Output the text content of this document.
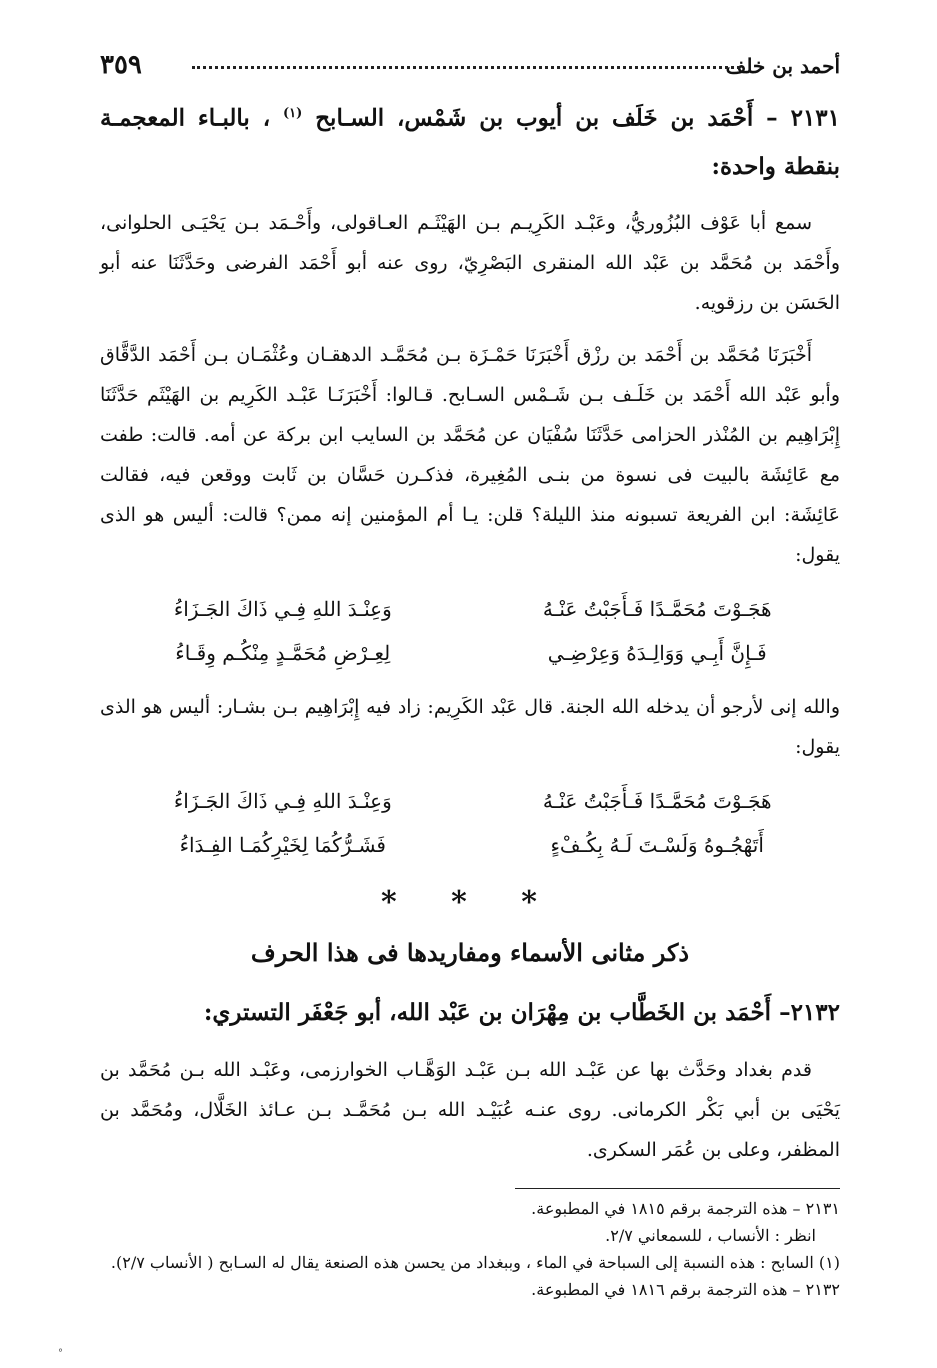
أحمد بن خلف
٣٥٩
٢١٣١ – أَحْمَد بن خَلَف بن أيوب بن شَمْس، السـابح $^{(١)}$ ، بالبـاء المعجمـة بنقطة واحدة:

سمع أبا عَوْف البُزُوريُّ، وعَبْـد الكَرِيـم بـن الهَيْثَـم العـاقولى، وأَحْـمَد بـن يَحْيَـى الحلوانى، وأَحْمَد بن مُحَمَّد بن عَبْد الله المنقرى البَصْرِيّ، روى عنه أبو أَحْمَد الفرضى وحَدَّثَنَا عنه أبو الحَسَن بن رزقويه.

أَخْبَرَنَا مُحَمَّد بن أَحْمَد بن رزْق أَخْبَرَنَا حَمْـزَة بـن مُحَمَّـد الدهقـان وعُثْمَـان بـن أَحْمَد الدَّقَّاق وأبو عَبْد الله أَحْمَد بن خَلَـف بـن شَـمْس السـابح. قـالوا: أَخْبَرَنَـا عَبْـد الكَرِيم بن الهَيْثَم حَدَّثَنَا إِبْرَاهِيم بن المُنْذر الحزامى حَدَّثَنَا سُفْيَان عن مُحَمَّد بن السايب ابن بركة عن أمه. قالت: طفت مع عَائِشَة بالبيت فى نسوة من بنـى المُغِيرة، فذكـرن حَسَّان بن ثَابت ووقعن فيه، فقالت عَائِشَة: ابن الفريعة تسبونه منذ الليلة؟ قلن: يـا أم المؤمنين إنه ممن؟ قالت: أليس هو الذى يقول:

هَجَـوْتَ مُحَمَّـدًا فَـأَجَبْتُ عَنْـهُ
وَعِنْـدَ اللهِ فِـي ذَاكَ الجَـزَاءُ
فَـإِنَّ أَبِـي وَوَالِـدَهُ وَعِرْضِـي
لِعِـرْضِ مُحَمَّـدٍ مِنْكُـم وِقَـاءُ

والله إنى لأرجو أن يدخله الله الجنة. قال عَبْد الكَرِيم: زاد فيه إِبْرَاهِيم بـن بشـار: أليس هو الذى يقول:

هَجَـوْتَ مُحَمَّـدًا فَـأَجَبْتُ عَنْـهُ
وَعِنْـدَ اللهِ فِـي ذَاكَ الجَـزَاءُ
أَتَهْجُـوهُ وَلَسْـتَ لَـهُ بِكُـفْءٍ
فَشَـرُّكُمَا لِخَيْرِكُمَـا الفِـدَاءُ
* * *
ذكر مثانى الأسماء ومفاريدها فى هذا الحرف
٢١٣٢– أَحْمَد بن الخَطَّاب بن مِهْرَان بن عَبْد الله، أبو جَعْفَر التستري:

قدم بغداد وحَدَّث بها عن عَبْـد الله بـن عَبْـد الوَهَّـاب الخوارزمى، وعَبْـد الله بـن مُحَمَّد بن يَحْيَى بن أبي بَكْر الكرمانى. روى عنـه عُبَيْـد الله بـن مُحَمَّـد بـن عـائذ الخَلَّال، ومُحَمَّد بن المظفر، وعلى بن عُمَر السكرى.

٢١٣١ – هذه الترجمة برقم ١٨١٥ في المطبوعة.
انظر : الأنساب ، للسمعاني ٢/٧.
(١) السابح : هذه النسبة إلى السباحة في الماء ، وببغداد من يحسن هذه الصنعة يقال له السـابح ( الأنساب ٢/٧).
٢١٣٢ – هذه الترجمة برقم ١٨١٦ في المطبوعة.
°
